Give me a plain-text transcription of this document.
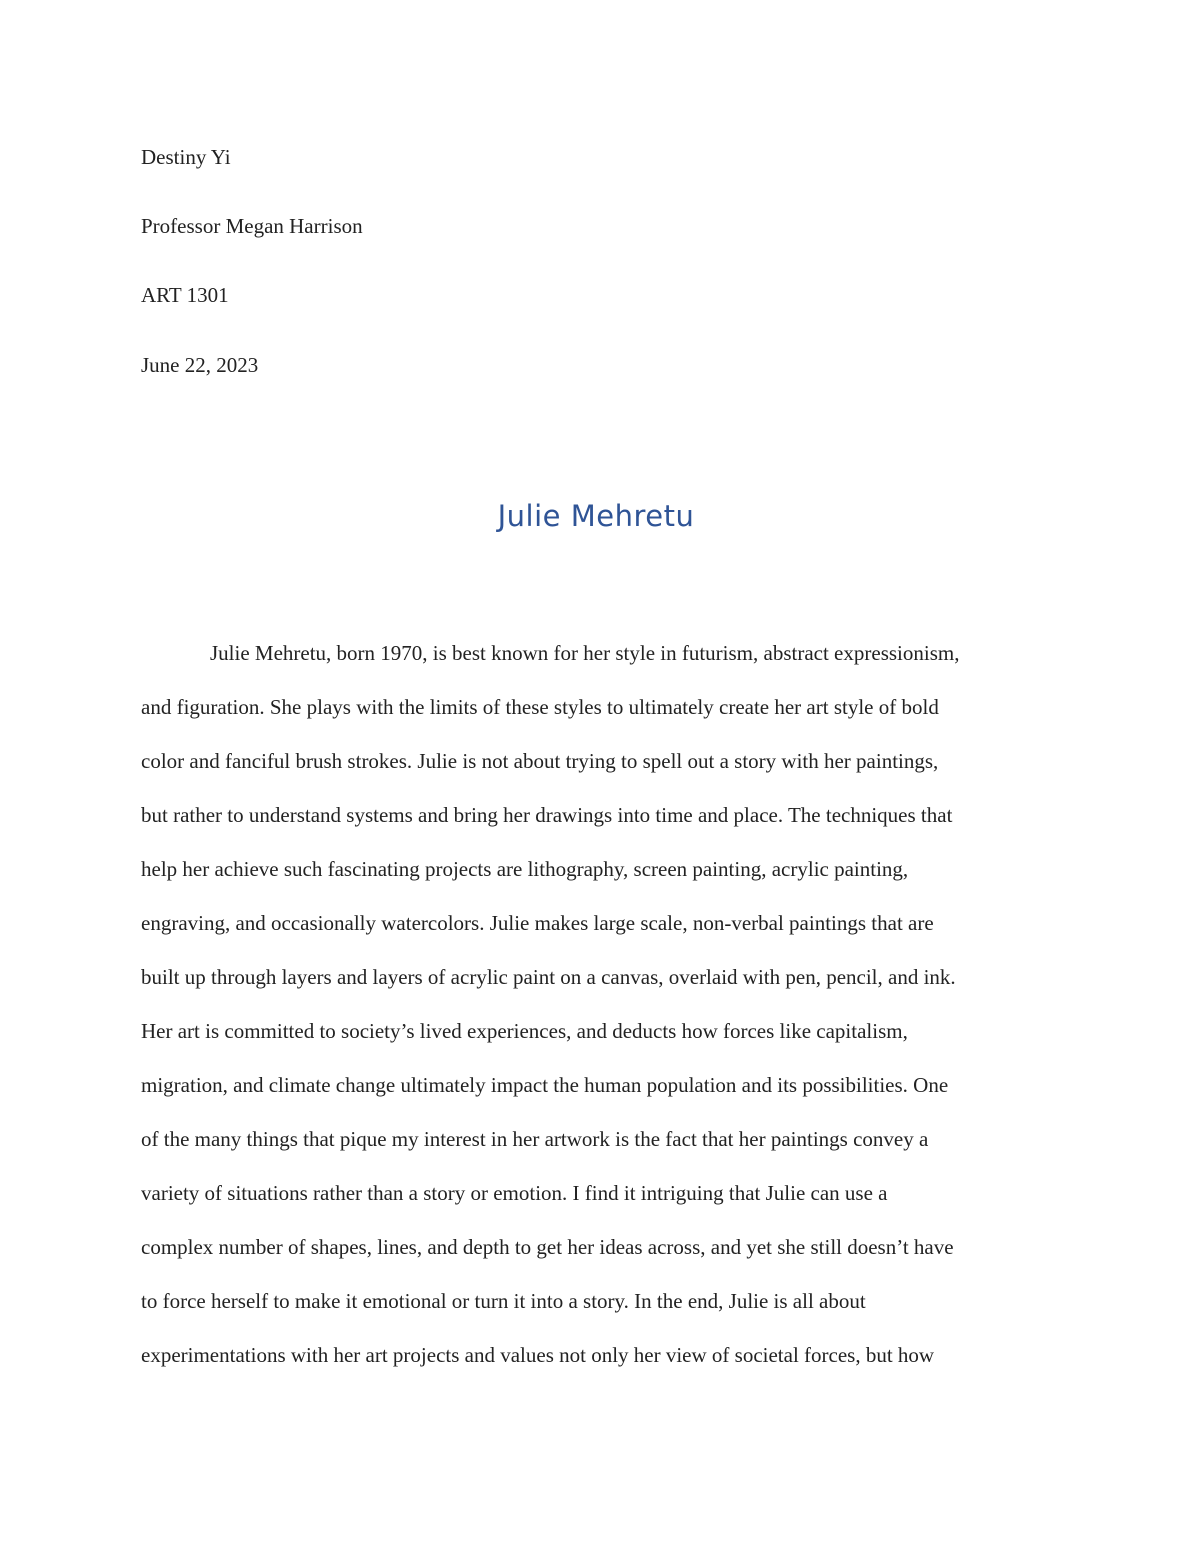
Destiny Yi
Professor Megan Harrison
ART 1301
June 22, 2023
Julie Mehretu
Julie Mehretu, born 1970, is best known for her style in futurism, abstract expressionism,
and figuration. She plays with the limits of these styles to ultimately create her art style of bold
color and fanciful brush strokes. Julie is not about trying to spell out a story with her paintings,
but rather to understand systems and bring her drawings into time and place. The techniques that
help her achieve such fascinating projects are lithography, screen painting, acrylic painting,
engraving, and occasionally watercolors. Julie makes large scale, non-verbal paintings that are
built up through layers and layers of acrylic paint on a canvas, overlaid with pen, pencil, and ink.
Her art is committed to society’s lived experiences, and deducts how forces like capitalism,
migration, and climate change ultimately impact the human population and its possibilities. One
of the many things that pique my interest in her artwork is the fact that her paintings convey a
variety of situations rather than a story or emotion. I find it intriguing that Julie can use a
complex number of shapes, lines, and depth to get her ideas across, and yet she still doesn’t have
to force herself to make it emotional or turn it into a story. In the end, Julie is all about
experimentations with her art projects and values not only her view of societal forces, but how
